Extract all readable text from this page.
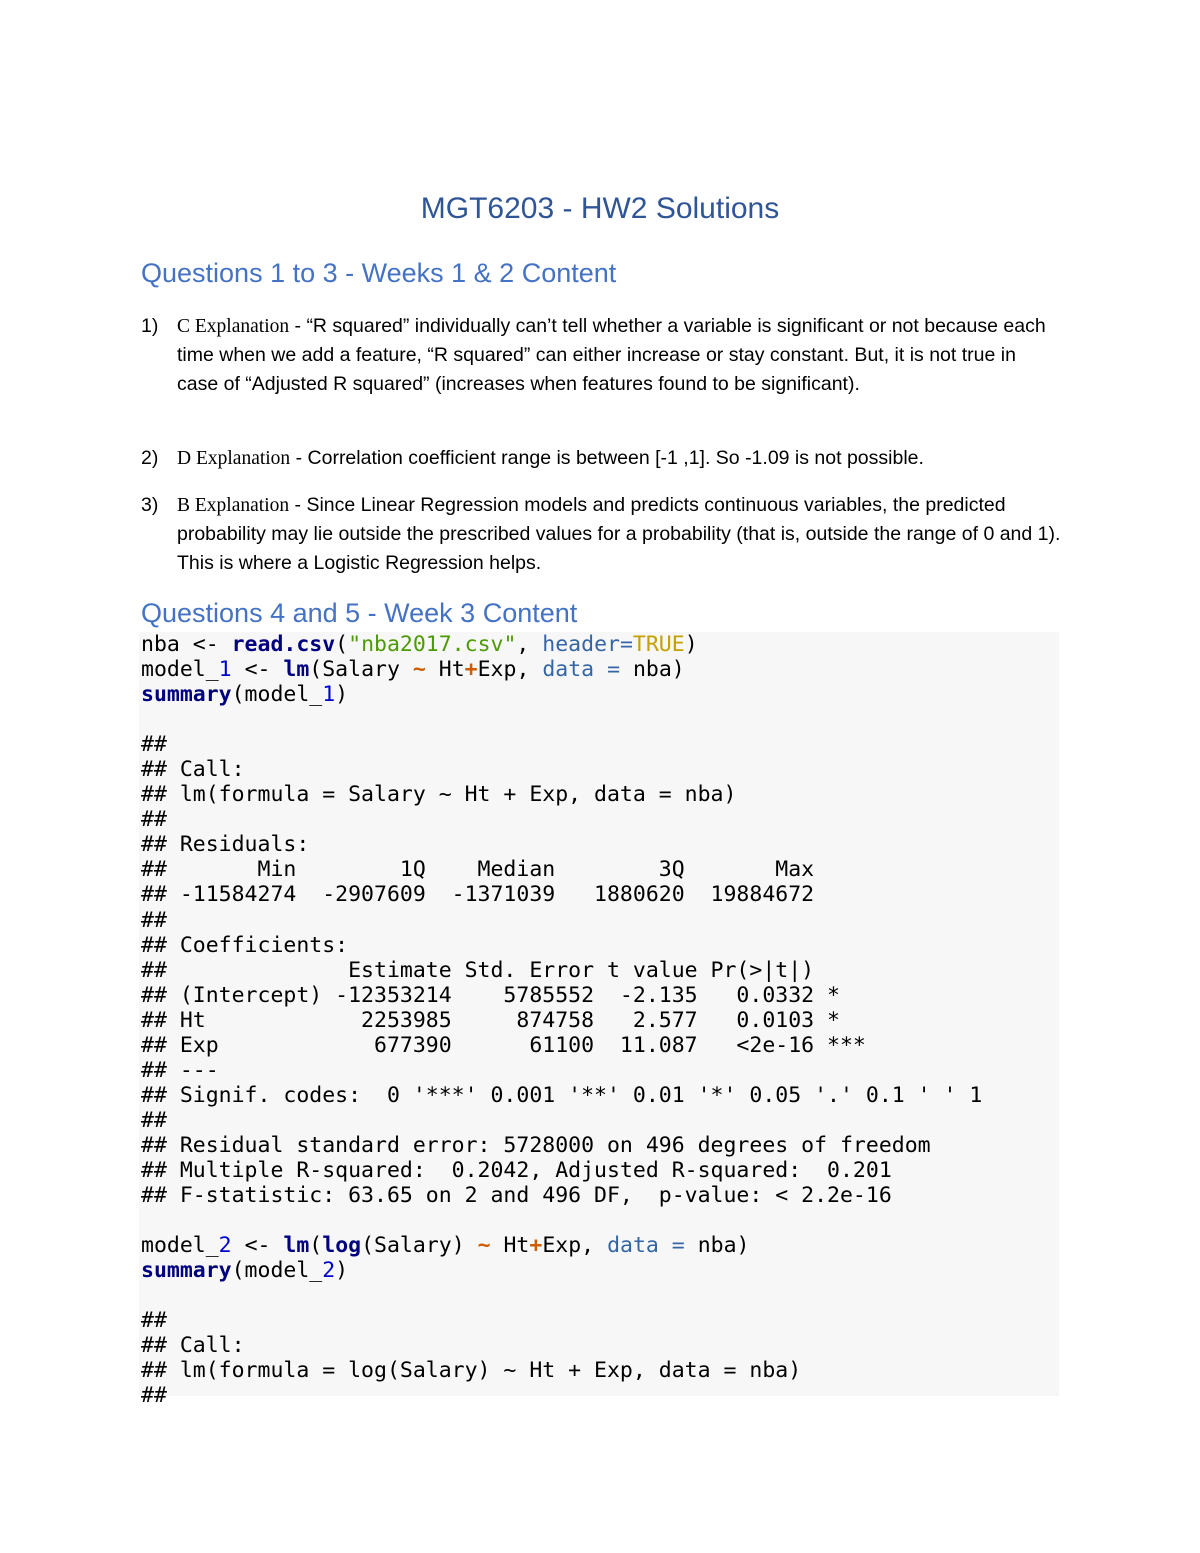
MGT6203 - HW2 Solutions
Questions 1 to 3 - Weeks 1 & 2 Content
1) C Explanation - “R squared” individually can’t tell whether a variable is significant or not because each time when we add a feature, “R squared” can either increase or stay constant. But, it is not true in case of “Adjusted R squared” (increases when features found to be significant).
2) D Explanation - Correlation coefficient range is between [-1 ,1]. So -1.09 is not possible.
3) B Explanation - Since Linear Regression models and predicts continuous variables, the predicted probability may lie outside the prescribed values for a probability (that is, outside the range of 0 and 1). This is where a Logistic Regression helps.
Questions 4 and 5 - Week 3 Content
nba <- read.csv("nba2017.csv", header=TRUE)
model_1 <- lm(Salary ~ Ht+Exp, data = nba)
summary(model_1)

##
## Call:
## lm(formula = Salary ~ Ht + Exp, data = nba)
##
## Residuals:
##       Min        1Q    Median        3Q       Max
## -11584274  -2907609  -1371039   1880620  19884672
##
## Coefficients:
##              Estimate Std. Error t value Pr(>|t|)
## (Intercept) -12353214    5785552  -2.135   0.0332 *
## Ht            2253985     874758   2.577   0.0103 *
## Exp            677390      61100  11.087   <2e-16 ***
## ---
## Signif. codes:  0 '***' 0.001 '**' 0.01 '*' 0.05 '.' 0.1 ' ' 1
##
## Residual standard error: 5728000 on 496 degrees of freedom
## Multiple R-squared:  0.2042, Adjusted R-squared:  0.201
## F-statistic: 63.65 on 2 and 496 DF,  p-value: < 2.2e-16

model_2 <- lm(log(Salary) ~ Ht+Exp, data = nba)
summary(model_2)

##
## Call:
## lm(formula = log(Salary) ~ Ht + Exp, data = nba)
##
